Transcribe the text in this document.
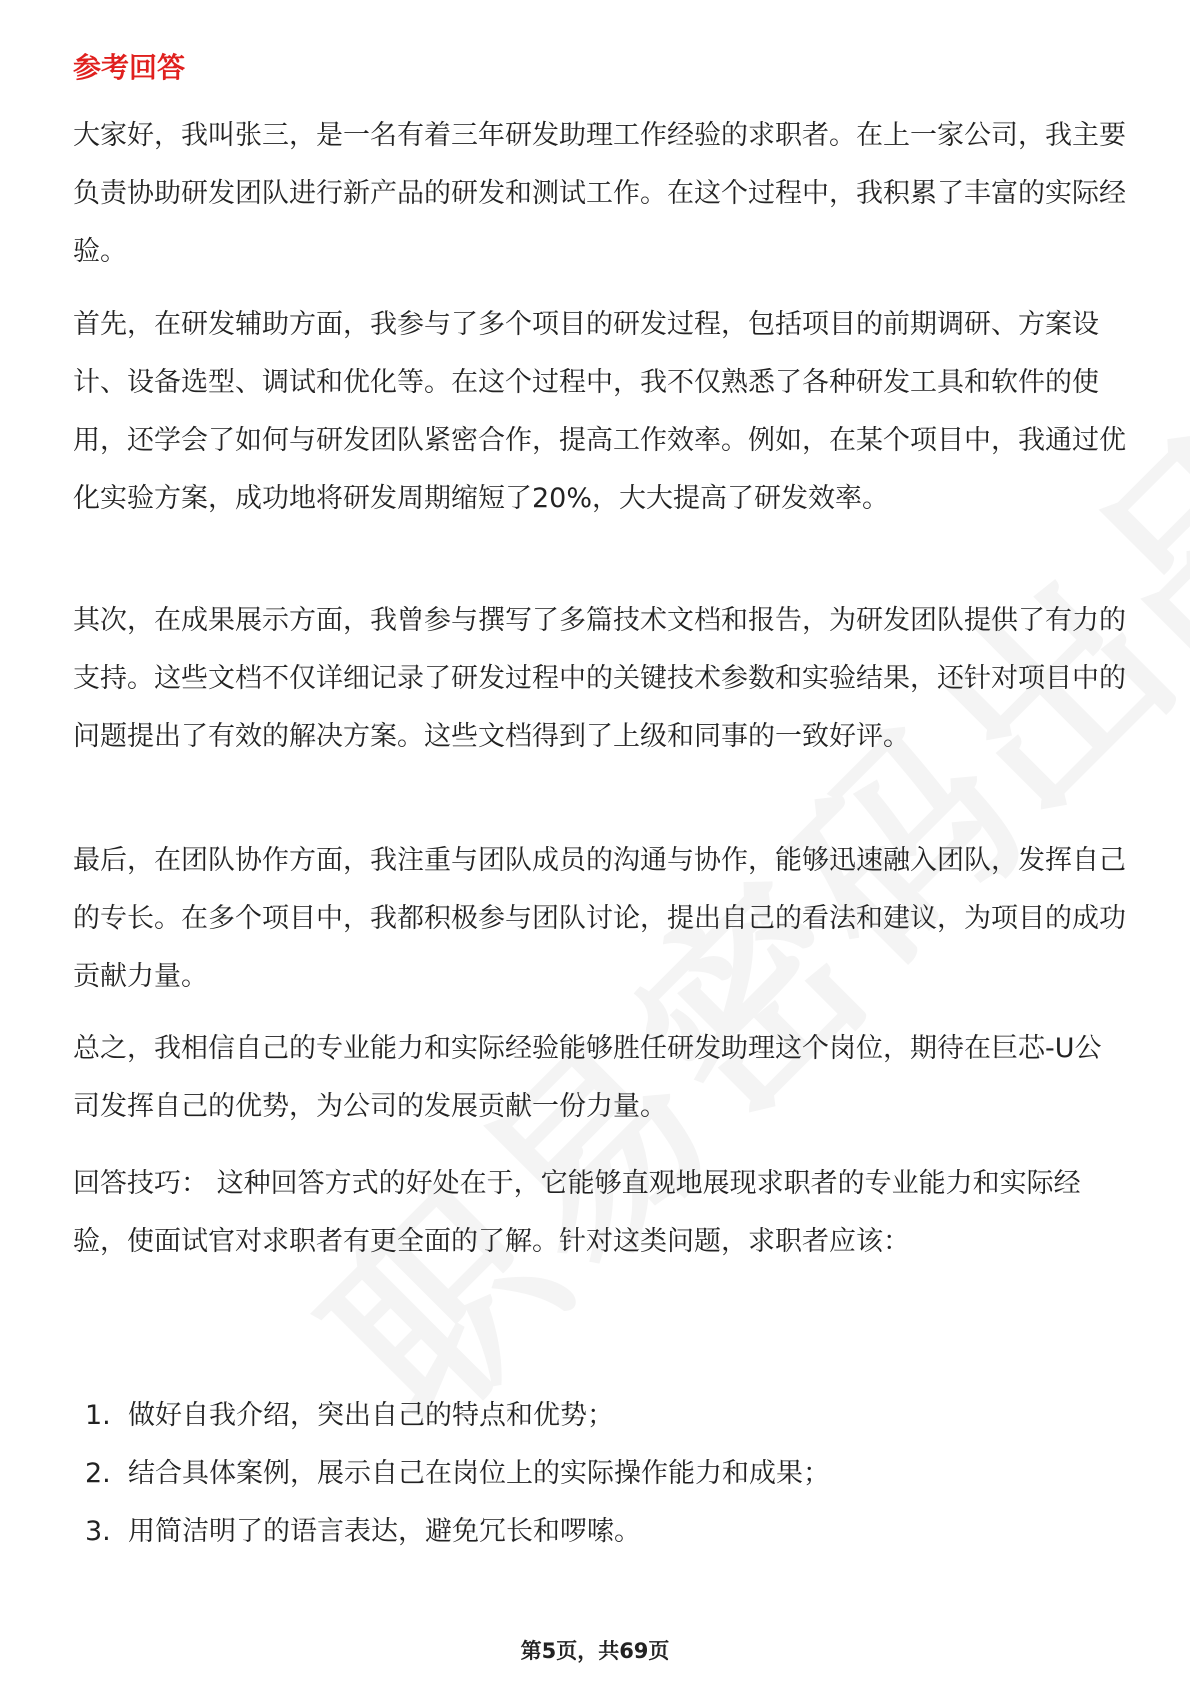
参考回答

大家好，我叫张三，是一名有着三年研发助理工作经验的求职者。在上一家公司，我主要负责协助研发团队进行新产品的研发和测试工作。在这个过程中，我积累了丰富的实际经验。

首先，在研发辅助方面，我参与了多个项目的研发过程，包括项目的前期调研、方案设计、设备选型、调试和优化等。在这个过程中，我不仅熟悉了各种研发工具和软件的使用，还学会了如何与研发团队紧密合作，提高工作效率。例如，在某个项目中，我通过优化实验方案，成功地将研发周期缩短了20%，大大提高了研发效率。

其次，在成果展示方面，我曾参与撰写了多篇技术文档和报告，为研发团队提供了有力的支持。这些文档不仅详细记录了研发过程中的关键技术参数和实验结果，还针对项目中的问题提出了有效的解决方案。这些文档得到了上级和同事的一致好评。

最后，在团队协作方面，我注重与团队成员的沟通与协作，能够迅速融入团队，发挥自己的专长。在多个项目中，我都积极参与团队讨论，提出自己的看法和建议，为项目的成功贡献力量。

总之，我相信自己的专业能力和实际经验能够胜任研发助理这个岗位，期待在巨芯-U公司发挥自己的优势，为公司的发展贡献一份力量。

回答技巧： 这种回答方式的好处在于，它能够直观地展现求职者的专业能力和实际经验，使面试官对求职者有更全面的了解。针对这类问题，求职者应该：

1. 做好自我介绍，突出自己的特点和优势；
2. 结合具体案例，展示自己在岗位上的实际操作能力和成果；
3. 用简洁明了的语言表达，避免冗长和啰嗦。
第5页，共69页
